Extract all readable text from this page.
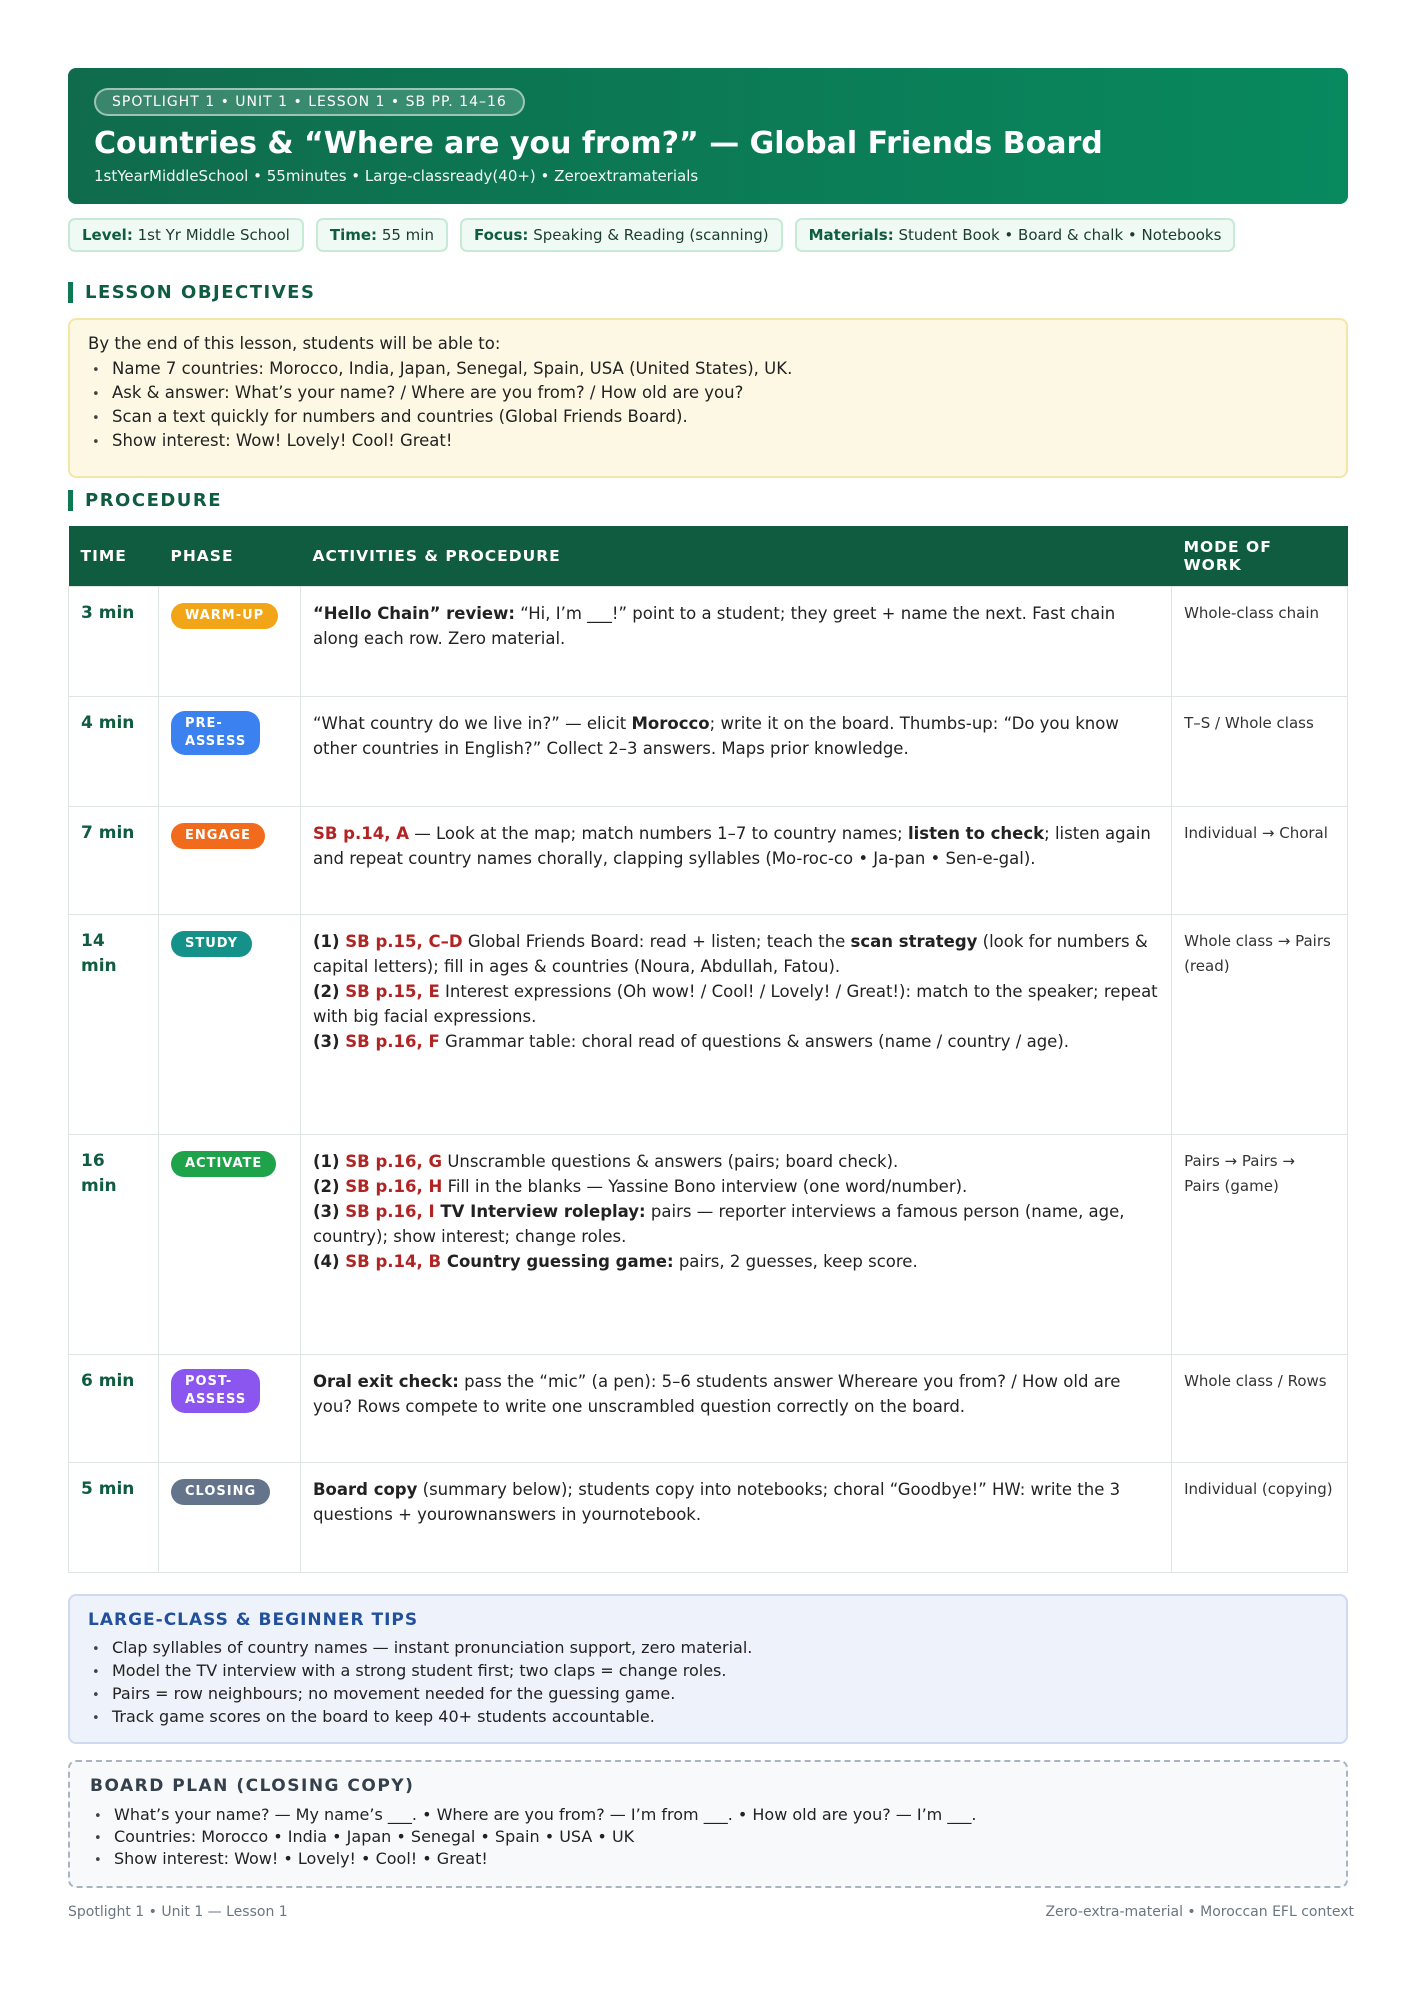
SPOTLIGHT 1 • UNIT 1 • LESSON 1 • SB PP. 14–16
Countries & “Where are you from?” — Global Friends Board
1stYearMiddleSchool • 55minutes • Large-classready(40+) • Zeroextramaterials
Level: 1st Yr Middle School	Time: 55 min	Focus: Speaking & Reading (scanning)	Materials: Student Book • Board & chalk • Notebooks
LESSON OBJECTIVES
By the end of this lesson, students will be able to:
• Name 7 countries: Morocco, India, Japan, Senegal, Spain, USA (United States), UK.
• Ask & answer: What’s your name? / Where are you from? / How old are you?
• Scan a text quickly for numbers and countries (Global Friends Board).
• Show interest: Wow! Lovely! Cool! Great!
PROCEDURE
TIME	PHASE	ACTIVITIES & PROCEDURE	MODE OF WORK
3 min	WARM-UP	“Hello Chain” review: “Hi, I’m ___!” point to a student; they greet + name the next. Fast chain along each row. Zero material.	Whole-class chain
4 min	PRE-
ASSESS	“What country do we live in?” — elicit Morocco; write it on the board. Thumbs-up: “Do you know other countries in English?” Collect 2–3 answers. Maps prior knowledge.	T–S / Whole class
7 min	ENGAGE	SB p.14, A — Look at the map; match numbers 1–7 to country names; listen to check; listen again and repeat country names chorally, clapping syllables (Mo-roc-co • Ja-pan • Sen-e-gal).	Individual → Choral
14 min	STUDY	(1) SB p.15, C–D Global Friends Board: read + listen; teach the scan strategy (look for numbers & capital letters); fill in ages & countries (Noura, Abdullah, Fatou).
(2) SB p.15, E Interest expressions (Oh wow! / Cool! / Lovely! / Great!): match to the speaker; repeat with big facial expressions.
(3) SB p.16, F Grammar table: choral read of questions & answers (name / country / age).	Whole class → Pairs (read)
16 min	ACTIVATE	(1) SB p.16, G Unscramble questions & answers (pairs; board check).
(2) SB p.16, H Fill in the blanks — Yassine Bono interview (one word/number).
(3) SB p.16, I TV Interview roleplay: pairs — reporter interviews a famous person (name, age, country); show interest; change roles.
(4) SB p.14, B Country guessing game: pairs, 2 guesses, keep score.	Pairs → Pairs → Pairs (game)
6 min	POST-
ASSESS	Oral exit check: pass the “mic” (a pen): 5–6 students answer Whereare you from? / How old are you? Rows compete to write one unscrambled question correctly on the board.	Whole class / Rows
5 min	CLOSING	Board copy (summary below); students copy into notebooks; choral “Goodbye!” HW: write the 3 questions + yourownanswers in yournotebook.	Individual (copying)
LARGE-CLASS & BEGINNER TIPS
• Clap syllables of country names — instant pronunciation support, zero material.
• Model the TV interview with a strong student first; two claps = change roles.
• Pairs = row neighbours; no movement needed for the guessing game.
• Track game scores on the board to keep 40+ students accountable.
BOARD PLAN (CLOSING COPY)
• What’s your name? — My name’s ___. • Where are you from? — I’m from ___. • How old are you? — I’m ___.
• Countries: Morocco • India • Japan • Senegal • Spain • USA • UK
• Show interest: Wow! • Lovely! • Cool! • Great!
Spotlight 1 • Unit 1 — Lesson 1	Zero-extra-material • Moroccan EFL context
